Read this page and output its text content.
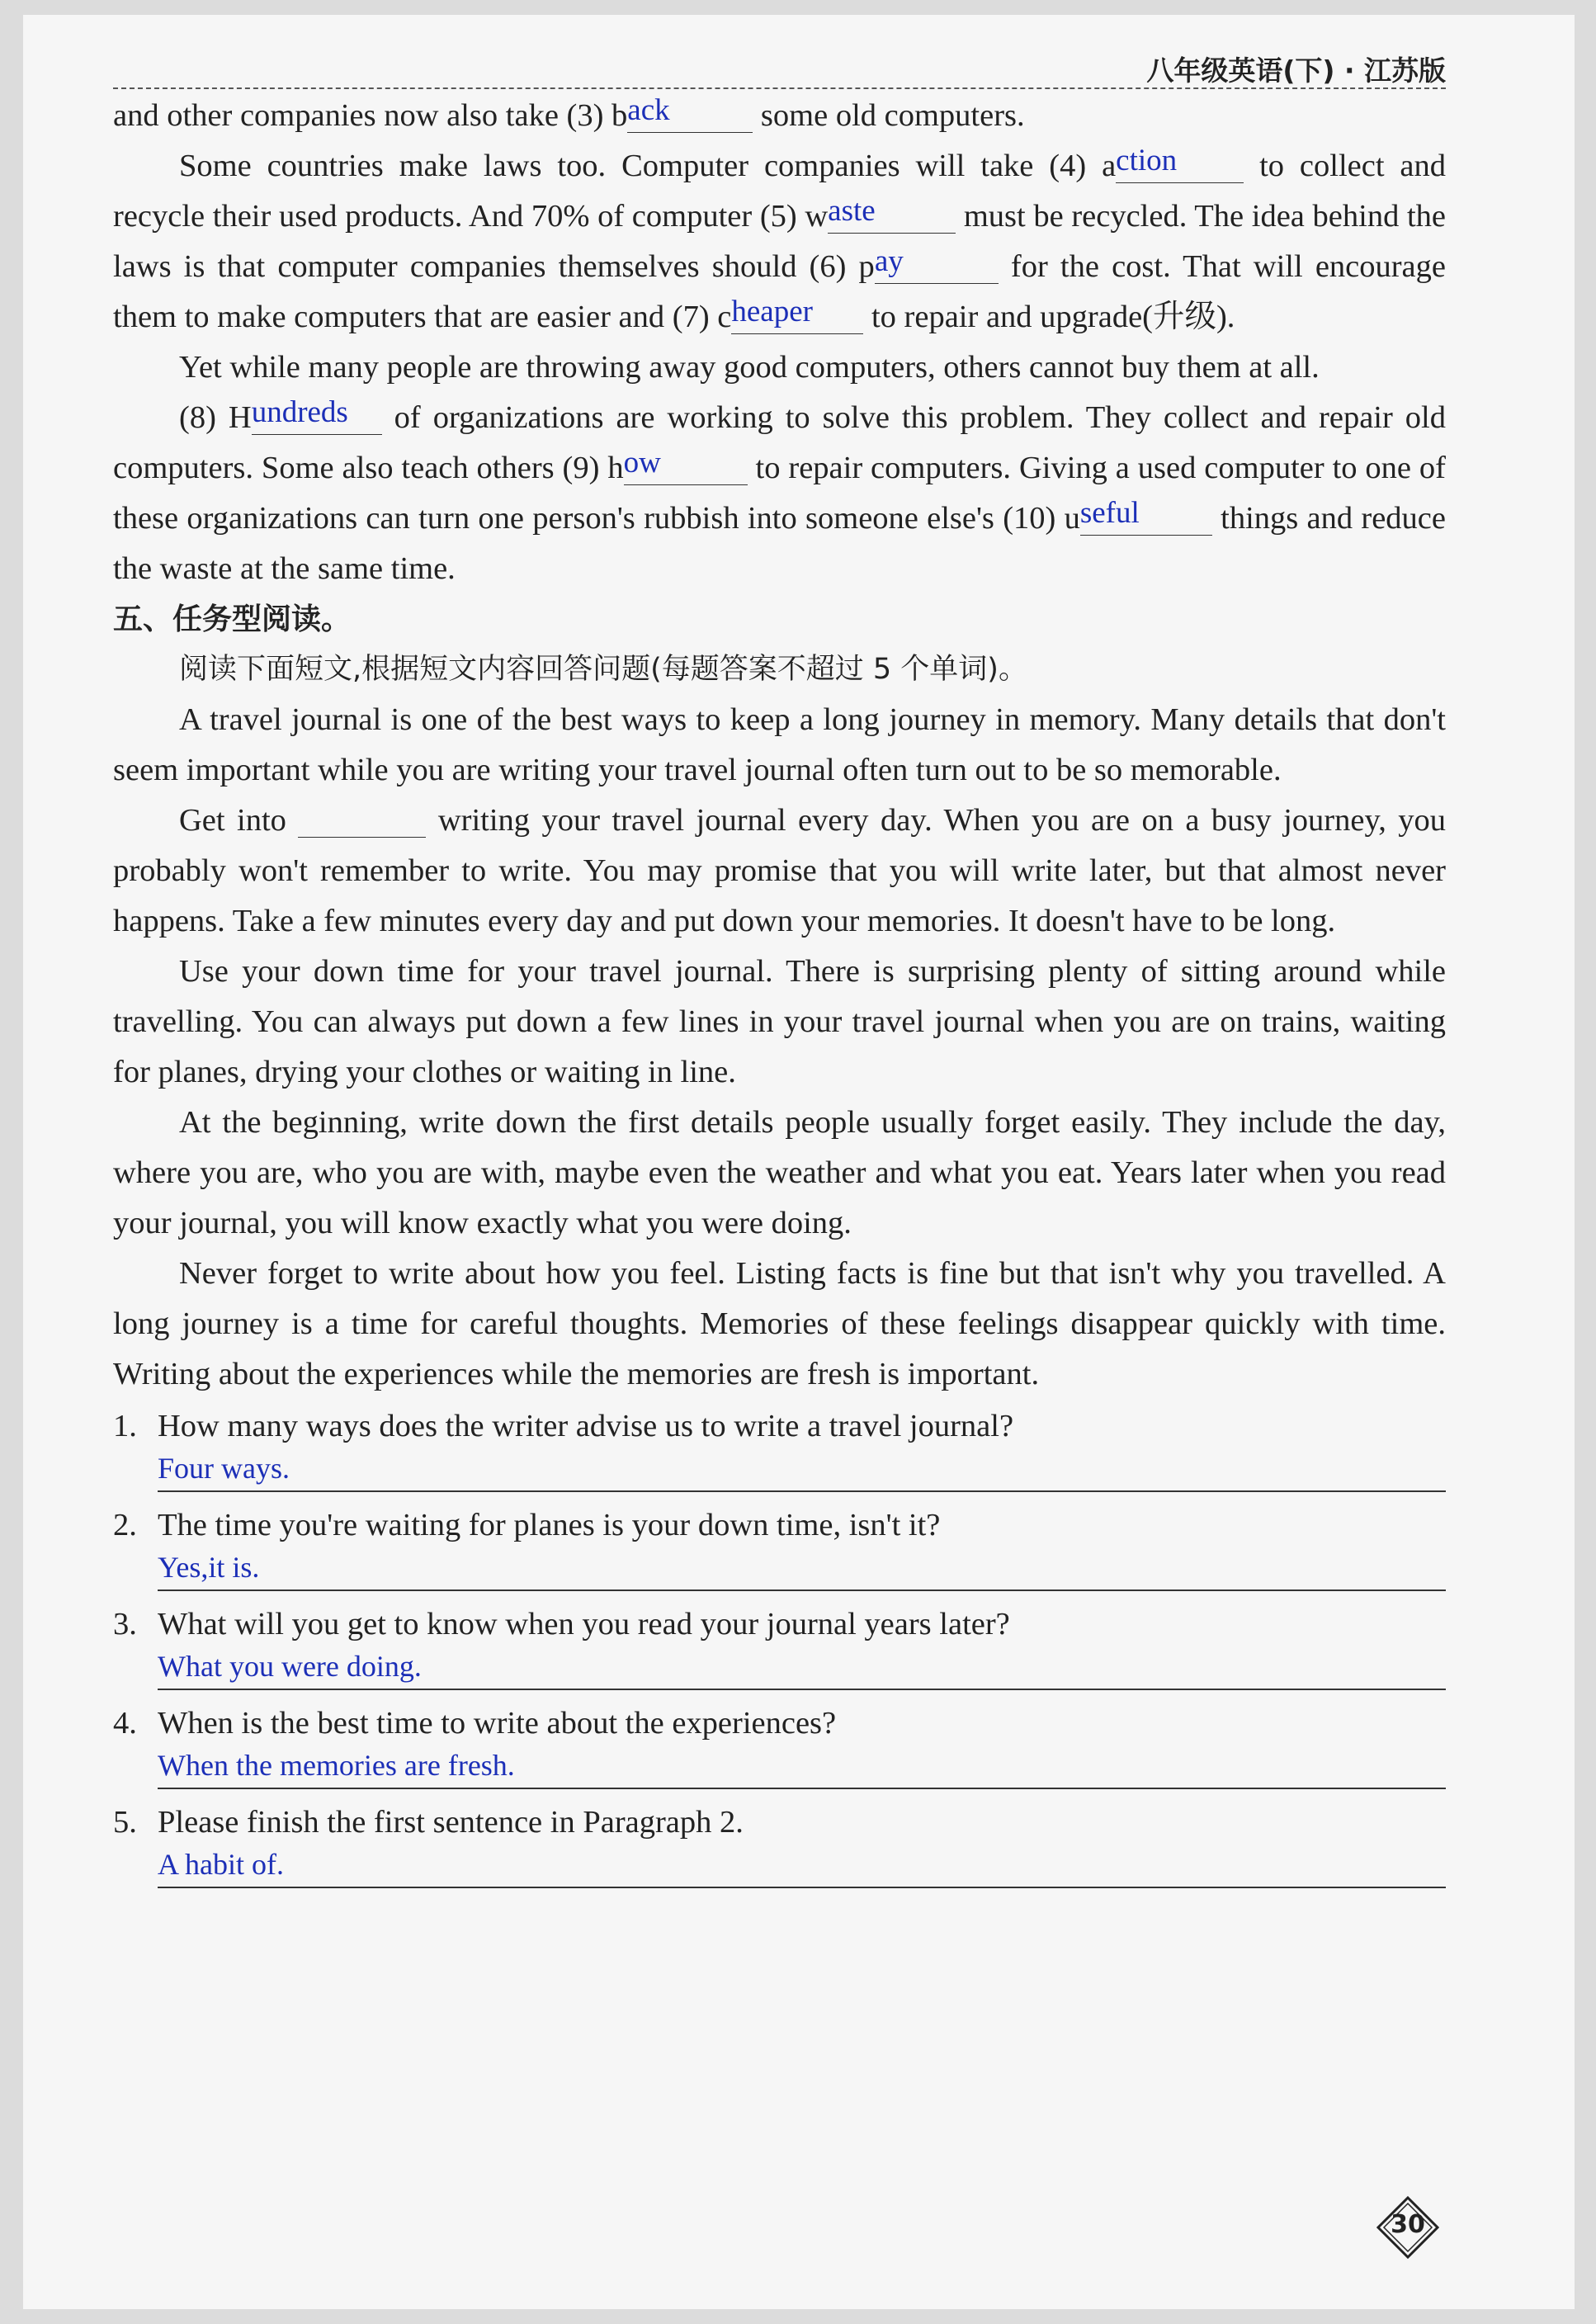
八年级英语(下) · 江苏版

and other companies now also take (3) back	some old computers.

Some countries make laws too. Computer companies will take (4) action to collect and recycle their used products. And 70% of computer (5) waste	must be recycled. The idea behind the laws is that computer companies themselves should (6) pay	for the cost. That will encourage them to make computers that are easier and (7) cheaper to repair and upgrade(升级).

Yet while many people are throwing away good computers, others cannot buy them at all.

(8) Hundreds of organizations are working to solve this problem. They collect and repair old computers. Some also teach others (9) how	to repair computers. Giving a used computer to one of these organizations can turn one person's rubbish into someone else's (10) useful things and reduce the waste at the same time.

五、任务型阅读。

阅读下面短文,根据短文内容回答问题(每题答案不超过 5 个单词)。

A travel journal is one of the best ways to keep a long journey in memory. Many details that don't seem important while you are writing your travel journal often turn out to be so memorable.

Get into	writing your travel journal every day. When you are on a busy journey, you probably won't remember to write. You may promise that you will write later, but that almost never happens. Take a few minutes every day and put down your memories. It doesn't have to be long.

Use your down time for your travel journal. There is surprising plenty of sitting around while travelling. You can always put down a few lines in your travel journal when you are on trains, waiting for planes, drying your clothes or waiting in line.

At the beginning, write down the first details people usually forget easily. They include the day, where you are, who you are with, maybe even the weather and what you eat. Years later when you read your journal, you will know exactly what you were doing.

Never forget to write about how you feel. Listing facts is fine but that isn't why you travelled. A long journey is a time for careful thoughts. Memories of these feelings disappear quickly with time. Writing about the experiences while the memories are fresh is important.

1. How many ways does the writer advise us to write a travel journal?
Four ways.
2. The time you're waiting for planes is your down time, isn't it?
Yes,it is.
3. What will you get to know when you read your journal years later?
What you were doing.
4. When is the best time to write about the experiences?
When the memories are fresh.
5. Please finish the first sentence in Paragraph 2.
A habit of.
30
